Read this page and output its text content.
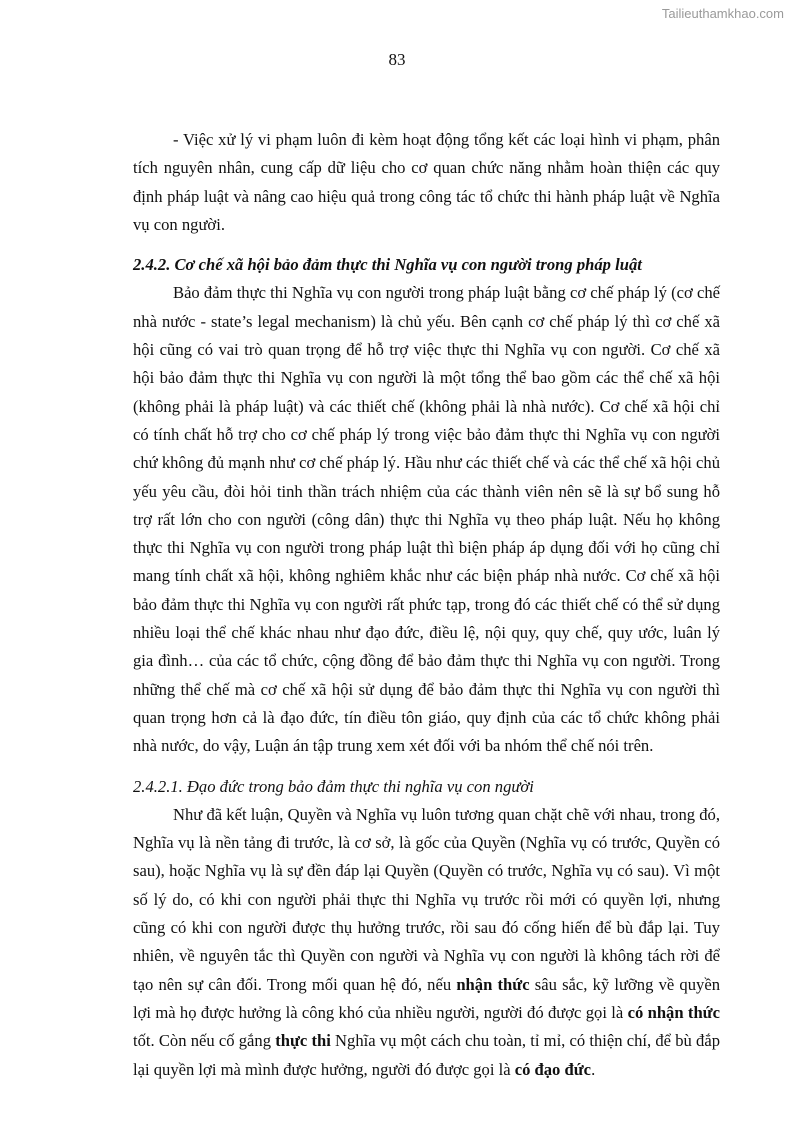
Tailieuthamkhao.com
83

- Việc xử lý vi phạm luôn đi kèm hoạt động tổng kết các loại hình vi phạm, phân tích nguyên nhân, cung cấp dữ liệu cho cơ quan chức năng nhằm hoàn thiện các quy định pháp luật và nâng cao hiệu quả trong công tác tổ chức thi hành pháp luật về Nghĩa vụ con người.

2.4.2. Cơ chế xã hội bảo đảm thực thi Nghĩa vụ con người trong pháp luật

Bảo đảm thực thi Nghĩa vụ con người trong pháp luật bằng cơ chế pháp lý (cơ chế nhà nước - state’s legal mechanism) là chủ yếu. Bên cạnh cơ chế pháp lý thì cơ chế xã hội cũng có vai trò quan trọng để hỗ trợ việc thực thi Nghĩa vụ con người. Cơ chế xã hội bảo đảm thực thi Nghĩa vụ con người là một tổng thể bao gồm các thể chế xã hội (không phải là pháp luật) và các thiết chế (không phải là nhà nước). Cơ chế xã hội chỉ có tính chất hỗ trợ cho cơ chế pháp lý trong việc bảo đảm thực thi Nghĩa vụ con người chứ không đủ mạnh như cơ chế pháp lý. Hầu như các thiết chế và các thể chế xã hội chủ yếu yêu cầu, đòi hỏi tinh thần trách nhiệm của các thành viên nên sẽ là sự bổ sung hỗ trợ rất lớn cho con người (công dân) thực thi Nghĩa vụ theo pháp luật. Nếu họ không thực thi Nghĩa vụ con người trong pháp luật thì biện pháp áp dụng đối với họ cũng chỉ mang tính chất xã hội, không nghiêm khắc như các biện pháp nhà nước. Cơ chế xã hội bảo đảm thực thi Nghĩa vụ con người rất phức tạp, trong đó các thiết chế có thể sử dụng nhiều loại thể chế khác nhau như đạo đức, điều lệ, nội quy, quy chế, quy ước, luân lý gia đình… của các tổ chức, cộng đồng để bảo đảm thực thi Nghĩa vụ con người. Trong những thể chế mà cơ chế xã hội sử dụng để bảo đảm thực thi Nghĩa vụ con người thì quan trọng hơn cả là đạo đức, tín điều tôn giáo, quy định của các tổ chức không phải nhà nước, do vậy, Luận án tập trung xem xét đối với ba nhóm thể chế nói trên.

2.4.2.1. Đạo đức trong bảo đảm thực thi nghĩa vụ con người

Như đã kết luận, Quyền và Nghĩa vụ luôn tương quan chặt chẽ với nhau, trong đó, Nghĩa vụ là nền tảng đi trước, là cơ sở, là gốc của Quyền (Nghĩa vụ có trước, Quyền có sau), hoặc Nghĩa vụ là sự đền đáp lại Quyền (Quyền có trước, Nghĩa vụ có sau). Vì một số lý do, có khi con người phải thực thi Nghĩa vụ trước rồi mới có quyền lợi, nhưng cũng có khi con người được thụ hưởng trước, rồi sau đó cống hiến để bù đắp lại. Tuy nhiên, về nguyên tắc thì Quyền con người và Nghĩa vụ con người là không tách rời để tạo nên sự cân đối. Trong mối quan hệ đó, nếu nhận thức sâu sắc, kỹ lưỡng về quyền lợi mà họ được hưởng là công khó của nhiều người, người đó được gọi là có nhận thức tốt. Còn nếu cố gắng thực thi Nghĩa vụ một cách chu toàn, tỉ mỉ, có thiện chí, để bù đắp lại quyền lợi mà mình được hưởng, người đó được gọi là có đạo đức.
